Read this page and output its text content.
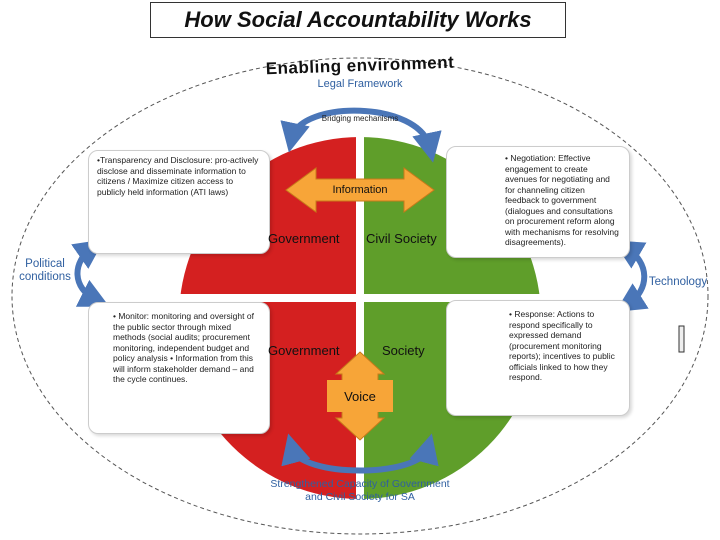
How Social Accountability Works
Enabling environment
Legal Framework
Bridging mechanisms
•Transparency and Disclosure: pro-actively disclose and disseminate information to citizens / Maximize citizen access to publicly held information (ATI laws)
• Monitor: monitoring and oversight of the public sector through mixed methods (social audits; procurement monitoring, independent budget and policy analysis • Information from this will inform stakeholder demand – and the cycle continues.
• Negotiation: Effective engagement to create avenues for negotiating and for channeling citizen feedback to government (dialogues and consultations on procurement reform along with mechanisms for resolving disagreements).
• Response: Actions to respond specifically to expressed demand (procurement monitoring reports); incentives to public officials linked to how they respond.
Political conditions	Technology
Information
Government Civil Society
Government	Society
Voice
Strengthened Capacity of Government and Civil Society for SA
